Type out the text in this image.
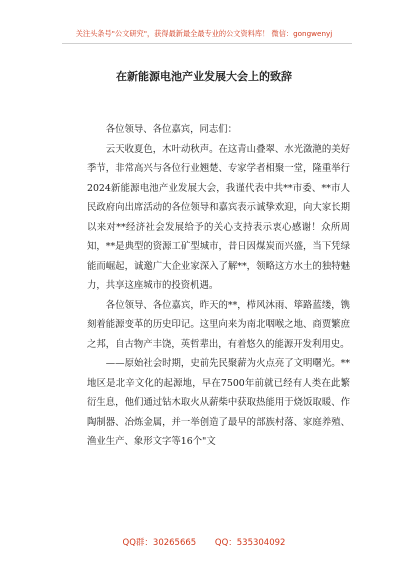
关注头条号"公文研究"，获得最新最全最专业的公文资料库！ 微信：gongwenyj
在新能源电池产业发展大会上的致辞

各位领导、各位嘉宾，同志们：

云天收夏色，木叶动秋声。在这青山叠翠、水光潋滟的美好季节，非常高兴与各位行业翘楚、专家学者相聚一堂，隆重举行2024新能源电池产业发展大会，我谨代表中共**市委、**市人民政府向出席活动的各位领导和嘉宾表示诚挚欢迎，向大家长期以来对**经济社会发展给予的关心支持表示衷心感谢！众所周知，**是典型的资源工矿型城市，昔日因煤炭而兴盛，当下凭绿能而崛起，诚邀广大企业家深入了解**，领略这方水土的独特魅力，共享这座城市的投资机遇。

各位领导、各位嘉宾，昨天的**，栉风沐雨、筚路蓝缕，镌刻着能源变革的历史印记。这里向来为南北咽喉之地、商贾繁庶之邦，自古物产丰饶，英哲辈出，有着悠久的能源开发利用史。

——原始社会时期，史前先民聚薪为火点亮了文明曙光。**地区是北辛文化的起源地，早在7500年前就已经有人类在此繁衍生息，他们通过钻木取火从薪柴中获取热能用于烧饭取暖、作陶制器、冶炼金属，并一举创造了最早的部族村落、家庭养殖、渔业生产、象形文字等16个"文

QQ群：30265665 QQ：535304092
